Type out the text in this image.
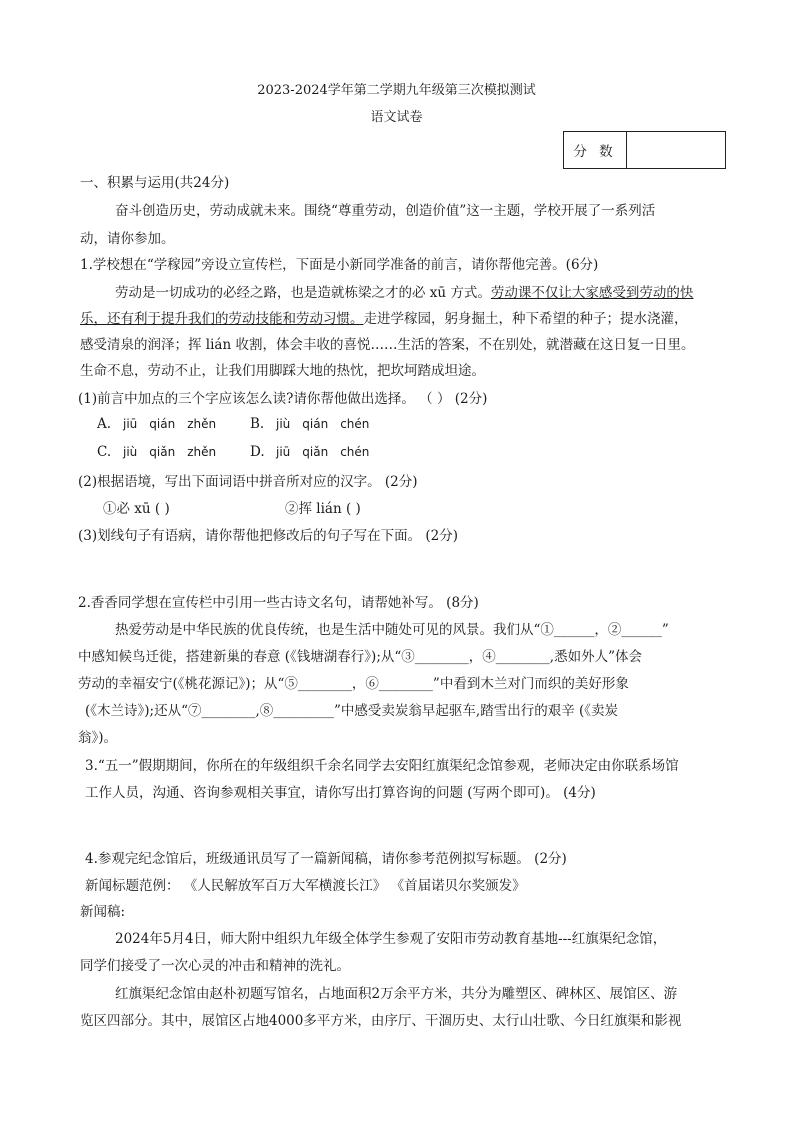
2023-2024学年第二学期九年级第三次模拟测试
语文试卷
分 数
一、积累与运用(共24分)
奋斗创造历史，劳动成就未来。围绕“尊重劳动，创造价值”这一主题，学校开展了一系列活
动，请你参加。
1.学校想在“学稼园”旁设立宣传栏，下面是小新同学准备的前言，请你帮他完善。(6分)
劳动是一切成功的必经之路，也是造就栋梁之才的必 xū 方式。劳动课不仅让大家感受到劳动的快
乐，还有利于提升我们的劳动技能和劳动习惯。走进学稼园，躬身掘土，种下希望的种子；提水浇灌，
感受清泉的润泽；挥 lián 收割，体会丰收的喜悦……生活的答案，不在别处，就潜藏在这日复一日里。
生命不息，劳动不止，让我们用脚踩大地的热忱，把坎坷踏成坦途。
(1)前言中加点的三个字应该怎么读?请你帮他做出选择。 （ ） (2分)
A. jiū qián zhěn	B. jiù qián chén
C. jiù qiǎn zhěn	D. jiū qiǎn chén
(2)根据语境，写出下面词语中拼音所对应的汉字。 (2分)
①必 xū ( )	②挥 lián ( )
(3)划线句子有语病，请你帮他把修改后的句子写在下面。 (2分)
2.香香同学想在宣传栏中引用一些古诗文名句，请帮她补写。 (8分)
热爱劳动是中华民族的优良传统，也是生活中随处可见的风景。我们从“①______，②______”
中感知候鸟迁徙，搭建新巢的春意 (《钱塘湖春行》);从“③________，④________,悉如外人”体会
劳动的幸福安宁(《桃花源记》)；从“⑤________，⑥________”中看到木兰对门而织的美好形象
(《木兰诗》);还从“⑦________,⑧_________”中感受卖炭翁早起驱车,踏雪出行的艰辛 (《卖炭
翁》)。
3.“五一”假期期间，你所在的年级组织千余名同学去安阳红旗渠纪念馆参观，老师决定由你联系场馆
工作人员，沟通、咨询参观相关事宜，请你写出打算咨询的问题 (写两个即可)。 (4分)
4.参观完纪念馆后，班级通讯员写了一篇新闻稿，请你参考范例拟写标题。 (2分)
新闻标题范例： 《人民解放军百万大军横渡长江》 《首届诺贝尔奖颁发》
新闻稿:
2024年5月4日，师大附中组织九年级全体学生参观了安阳市劳动教育基地---红旗渠纪念馆，
同学们接受了一次心灵的冲击和精神的洗礼。
红旗渠纪念馆由赵朴初题写馆名，占地面积2万余平方米，共分为雕塑区、碑林区、展馆区、游
览区四部分。其中，展馆区占地4000多平方米，由序厅、干涸历史、太行山壮歌、今日红旗渠和影视
